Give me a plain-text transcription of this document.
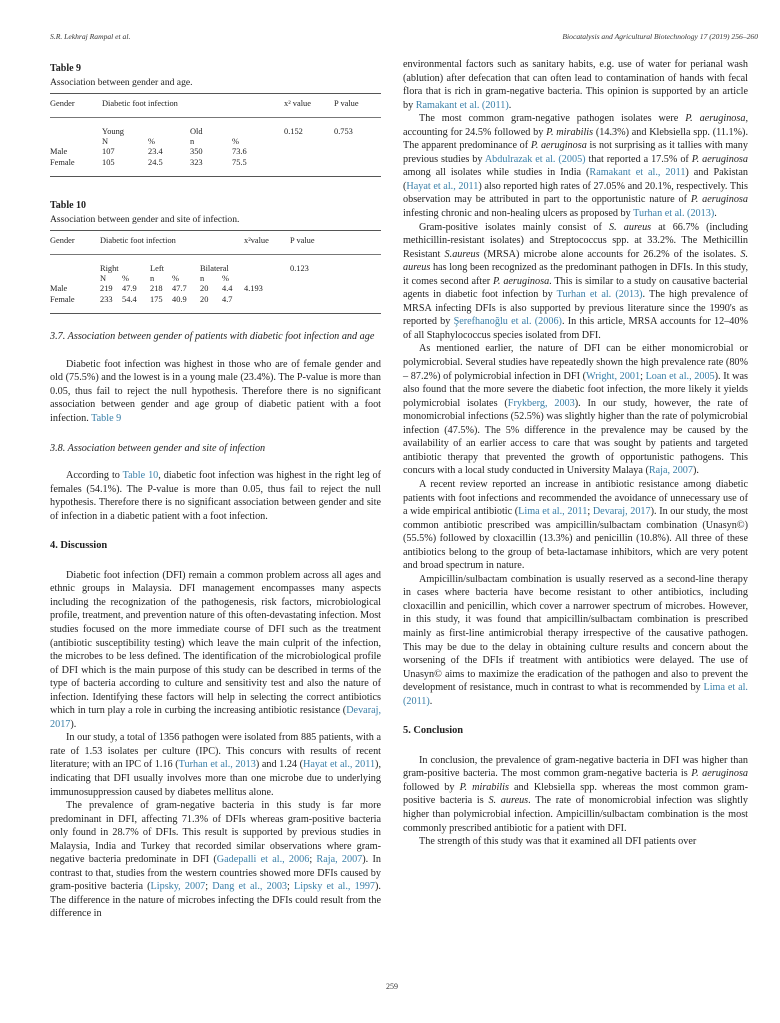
S.R. Lekhraj Rampal et al.	Biocatalysis and Agricultural Biotechnology 17 (2019) 256–260
Table 9
Association between gender and age.
Gender	Diabetic foot infection				x² value	P value
	Young		Old		0.152	0.753
	N	%	n	%		
Male	107	23.4	350	73.6		
Female	105	24.5	323	75.5		
Table 10
Association between gender and site of infection.
Gender	Diabetic foot infection						x²value	P value
	Right		Left		Bilateral			0.123
	N	%	n	%	n	%		
Male	219	47.9	218	47.7	20	4.4	4.193	
Female	233	54.4	175	40.9	20	4.7		
3.7. Association between gender of patients with diabetic foot infection and age

Diabetic foot infection was highest in those who are of female gender and old (75.5%) and the lowest is in a young male (23.4%). The P-value is more than 0.05, thus fail to reject the null hypothesis. Therefore there is no significant association between gender and age group of diabetic patient with a foot infection. Table 9

3.8. Association between gender and site of infection

According to Table 10, diabetic foot infection was highest in the right leg of females (54.1%). The P-value is more than 0.05, thus fail to reject the null hypothesis. Therefore there is no significant association between gender and site of infection in a diabetic patient with a foot infection.

4. Discussion

Diabetic foot infection (DFI) remain a common problem across all ages and ethnic groups in Malaysia. DFI management encompasses many aspects including the recognization of the pathogenesis, risk factors, microbiological profile, treatment, and prevention nature of this often-devastating infection. Most studies focused on the more immediate course of DFI such as the treatment (antibiotic susceptibility testing) which leave the main culprit of the infection, the microbes to be less defined. The identification of the microbiological profile of DFI which is the main purpose of this study can be described in terms of the type of bacteria according to culture and sensitivity test and also the nature of infection. Identifying these factors will help in selecting the correct antibiotics which in turn play a role in curbing the increasing antibiotic resistance (Devaraj, 2017).

In our study, a total of 1356 pathogen were isolated from 885 patients, with a rate of 1.53 isolates per culture (IPC). This concurs with results of recent literature; with an IPC of 1.16 (Turhan et al., 2013) and 1.24 (Hayat et al., 2011), indicating that DFI usually involves more than one microbe due to underlying immunosuppression caused by diabetes mellitus alone.

The prevalence of gram-negative bacteria in this study is far more predominant in DFI, affecting 71.3% of DFIs whereas gram-positive bacteria only found in 28.7% of DFIs. This result is supported by previous studies in Malaysia, India and Turkey that recorded similar observations where gram-negative bacteria predominate in DFI (Gadepalli et al., 2006; Raja, 2007). In contrast to that, studies from the western countries showed more DFIs caused by gram-positive bacteria (Lipsky, 2007; Dang et al., 2003; Lipsky et al., 1997). The difference in the nature of microbes infecting the DFIs could result from the difference in

environmental factors such as sanitary habits, e.g. use of water for perianal wash (ablution) after defecation that can often lead to contamination of hands with fecal flora that is rich in gram-negative bacteria. This opinion is supported by an article by Ramakant et al. (2011).

The most common gram-negative pathogen isolates were P. aeruginosa, accounting for 24.5% followed by P. mirabilis (14.3%) and Klebsiella spp. (11.1%). The apparent predominance of P. aeruginosa is not surprising as it tallies with many previous studies by Abdulrazak et al. (2005) that reported a 17.5% of P. aeruginosa among all isolates while studies in India (Ramakant et al., 2011) and Pakistan (Hayat et al., 2011) also reported high rates of 27.05% and 20.1%, respectively. This observation may be attributed in part to the opportunistic nature of P. aeruginosa infesting chronic and non-healing ulcers as proposed by Turhan et al. (2013).

Gram-positive isolates mainly consist of S. aureus at 66.7% (including methicillin-resistant isolates) and Streptococcus spp. at 33.2%. The Methicillin Resistant S.aureus (MRSA) microbe alone accounts for 26.2% of the isolates. S. aureus has long been recognized as the predominant pathogen in DFIs. In this study, it comes second after P. aeruginosa. This is similar to a study on causative bacterial agents in diabetic foot infection by Turhan et al. (2013). The high prevalence of MRSA infecting DFIs is also supported by previous literature since the 1990's as reported by Şerefhanoğlu et al. (2006). In this article, MRSA accounts for 12–40% of all Staphylococcus species isolated from DFI.

As mentioned earlier, the nature of DFI can be either monomicrobial or polymicrobial. Several studies have repeatedly shown the high prevalence rate (80% – 87.2%) of polymicrobial infection in DFI (Wright, 2001; Loan et al., 2005). It was also found that the more severe the diabetic foot infection, the more likely it yields polymicrobial isolates (Frykberg, 2003). In our study, however, the rate of monomicrobial infections (52.5%) was slightly higher than the rate of polymicrobial infection (47.5%). The 5% difference in the prevalence may be caused by the availability of an earlier access to care that was sought by patients and targeted antibiotic therapy that prevented the growth of opportunistic pathogens. This concurs with a local study conducted in University Malaya (Raja, 2007).

A recent review reported an increase in antibiotic resistance among diabetic patients with foot infections and recommended the avoidance of unnecessary use of a wide empirical antibiotic (Lima et al., 2011; Devaraj, 2017). In our study, the most common antibiotic prescribed was ampicillin/sulbactam combination (Unasyn©) (55.5%) followed by cloxacillin (13.3%) and penicillin (10.8%). All three of these antibiotics belong to the group of beta-lactamase inhibitors, which are very potent and broad spectrum in nature.

Ampicillin/sulbactam combination is usually reserved as a second-line therapy in cases where bacteria have become resistant to other antibiotics, including cloxacillin and penicillin, which cover a narrower spectrum of microbes. However, in this study, it was found that ampicillin/sulbactam combination is prescribed mainly as first-line antimicrobial therapy irrespective of the causative pathogen. This may be due to the delay in obtaining culture results and concern about the worsening of the DFIs if treatment with antibiotics were delayed. The use of Unasyn© aims to maximize the eradication of the pathogen and also to prevent the development of resistance, much in contrast to what is recommended by Lima et al. (2011).

5. Conclusion

In conclusion, the prevalence of gram-negative bacteria in DFI was higher than gram-positive bacteria. The most common gram-negative bacteria is P. aeruginosa followed by P. mirabilis and Klebsiella spp. whereas the most common gram-positive bacteria is S. aureus. The rate of monomicrobial infection was slightly higher than polymicrobial infection. Ampicillin/sulbactam combination is the most commonly prescribed antibiotic for a patient with DFI.

The strength of this study was that it examined all DFI patients over

259
